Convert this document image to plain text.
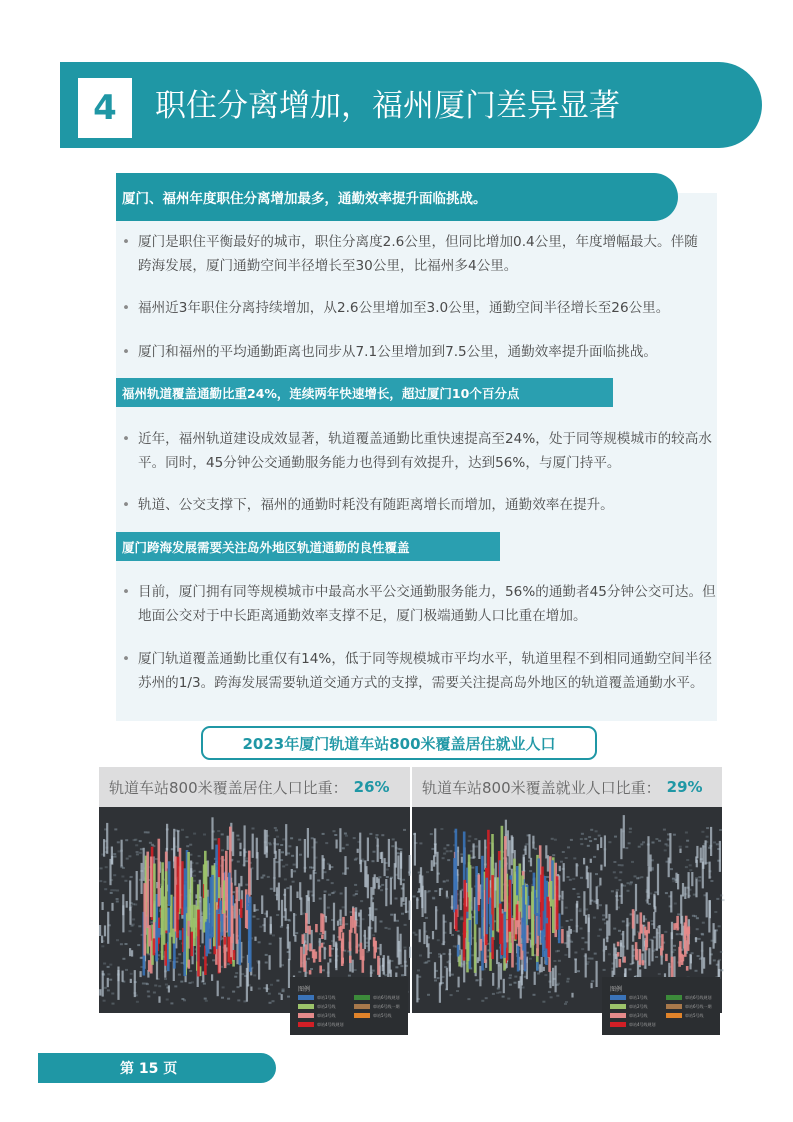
4	职住分离增加，福州厦门差异显著
厦门、福州年度职住分离增加最多，通勤效率提升面临挑战。
• 厦门是职住平衡最好的城市，职住分离度2.6公里，但同比增加0.4公里，年度增幅最大。伴随跨海发展，厦门通勤空间半径增长至30公里，比福州多4公里。
• 福州近3年职住分离持续增加，从2.6公里增加至3.0公里，通勤空间半径增长至26公里。
• 厦门和福州的平均通勤距离也同步从7.1公里增加到7.5公里，通勤效率提升面临挑战。
福州轨道覆盖通勤比重24%，连续两年快速增长，超过厦门10个百分点
• 近年，福州轨道建设成效显著，轨道覆盖通勤比重快速提高至24%，处于同等规模城市的较高水平。同时，45分钟公交通勤服务能力也得到有效提升，达到56%，与厦门持平。
• 轨道、公交支撑下，福州的通勤时耗没有随距离增长而增加，通勤效率在提升。
厦门跨海发展需要关注岛外地区轨道通勤的良性覆盖
• 目前，厦门拥有同等规模城市中最高水平公交通勤服务能力，56%的通勤者45分钟公交可达。但地面公交对于中长距离通勤效率支撑不足，厦门极端通勤人口比重在增加。
• 厦门轨道覆盖通勤比重仅有14%，低于同等规模城市平均水平，轨道里程不到相同通勤空间半径苏州的1/3。跨海发展需要轨道交通方式的支撑，需要关注提高岛外地区的轨道覆盖通勤水平。
2023年厦门轨道车站800米覆盖居住就业人口
轨道车站800米覆盖居住人口比重： 26%
图例
車站1号线
車站2号线
車站3号线
車站4号线规划
車站6号线规划
車站6号线一期
車站5号线
轨道车站800米覆盖就业人口比重： 29%
图例
車站1号线
車站2号线
車站3号线
車站4号线规划
車站6号线规划
車站6号线一期
車站5号线
第 15 页
